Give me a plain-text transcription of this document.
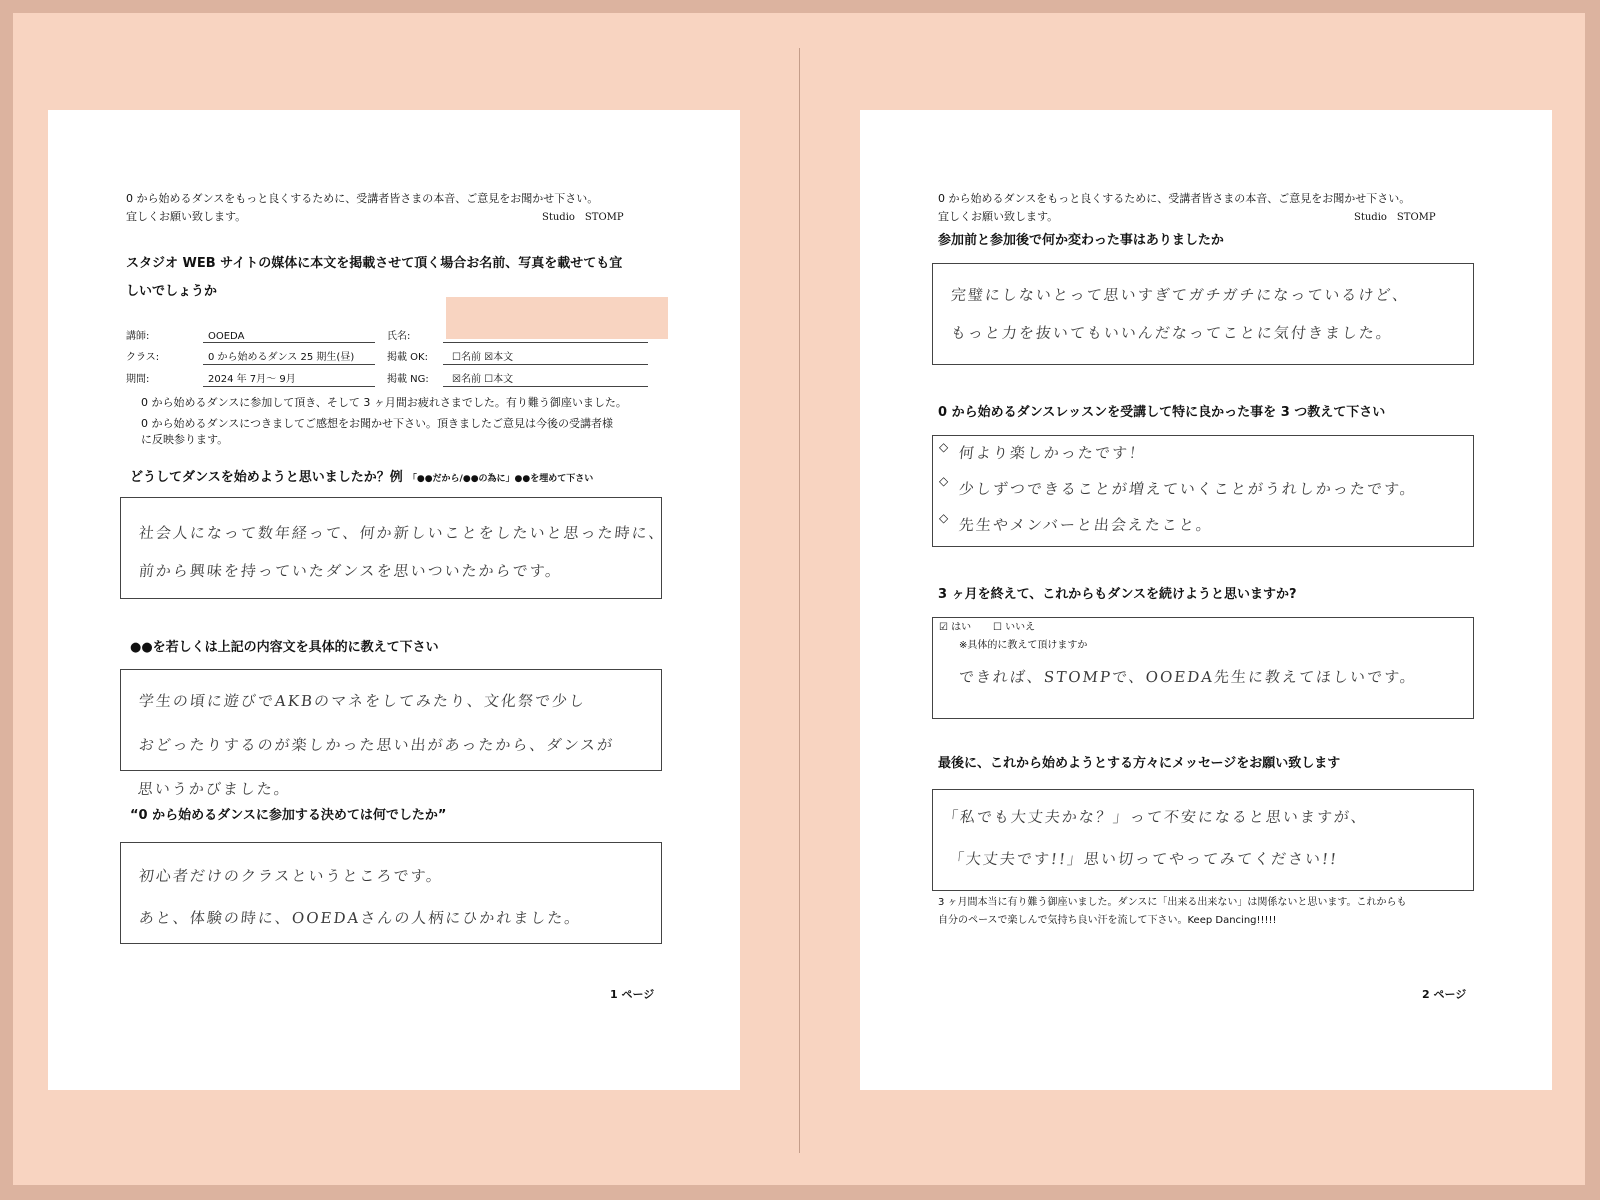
0 から始めるダンスをもっと良くするために、受講者皆さまの本音、ご意見をお聞かせ下さい。
宜しくお願い致します。	Studio　STOMP
スタジオ WEB サイトの媒体に本文を掲載させて頂く場合お名前、写真を載せても宜
しいでしょうか
講師:	OOEDA	氏名:
クラス:	0 から始めるダンス 25 期生(昼)	掲載 OK: ☐名前 ☒本文
期間:	2024 年 7月～ 9月	掲載 NG: ☒名前 ☐本文
0 から始めるダンスに参加して頂き、そして 3 ヶ月間お疲れさまでした。有り難う御座いました。
0 から始めるダンスにつきましてご感想をお聞かせ下さい。頂きましたご意見は今後の受講者様
に反映参ります。
どうしてダンスを始めようと思いましたか？例 「●●だから/●●の為に」●●を埋めて下さい
社会人になって数年経って、何か新しいことをしたいと思った時に、
前から興味を持っていたダンスを思いついたからです。
●●を若しくは上記の内容文を具体的に教えて下さい
学生の頃に遊びでAKBのマネをしてみたり、文化祭で少し
おどったりするのが楽しかった思い出があったから、ダンスが
思いうかびました。
“0 から始めるダンスに参加する決めては何でしたか”
初心者だけのクラスというところです。
あと、体験の時に、OOEDAさんの人柄にひかれました。
1 ページ
0 から始めるダンスをもっと良くするために、受講者皆さまの本音、ご意見をお聞かせ下さい。
宜しくお願い致します。	Studio　STOMP
参加前と参加後で何か変わった事はありましたか
完璧にしないとって思いすぎてガチガチになっているけど、
もっと力を抜いてもいいんだなってことに気付きました。
0 から始めるダンスレッスンを受講して特に良かった事を 3 つ教えて下さい
◇ 何より楽しかったです！
◇ 少しずつできることが増えていくことがうれしかったです。
◇ 先生やメンバーと出会えたこと。
3 ヶ月を終えて、これからもダンスを続けようと思いますか?
☑ はい ☐ いいえ
※具体的に教えて頂けますか
できれば、STOMPで、OOEDA先生に教えてほしいです。
最後に、これから始めようとする方々にメッセージをお願い致します
「私でも大丈夫かな？」って不安になると思いますが、
「大丈夫です!!」思い切ってやってみてください!!
3 ヶ月間本当に有り難う御座いました。ダンスに「出来る出来ない」は関係ないと思います。これからも
自分のペースで楽しんで気持ち良い汗を流して下さい。Keep Dancing!!!!!
2 ページ
